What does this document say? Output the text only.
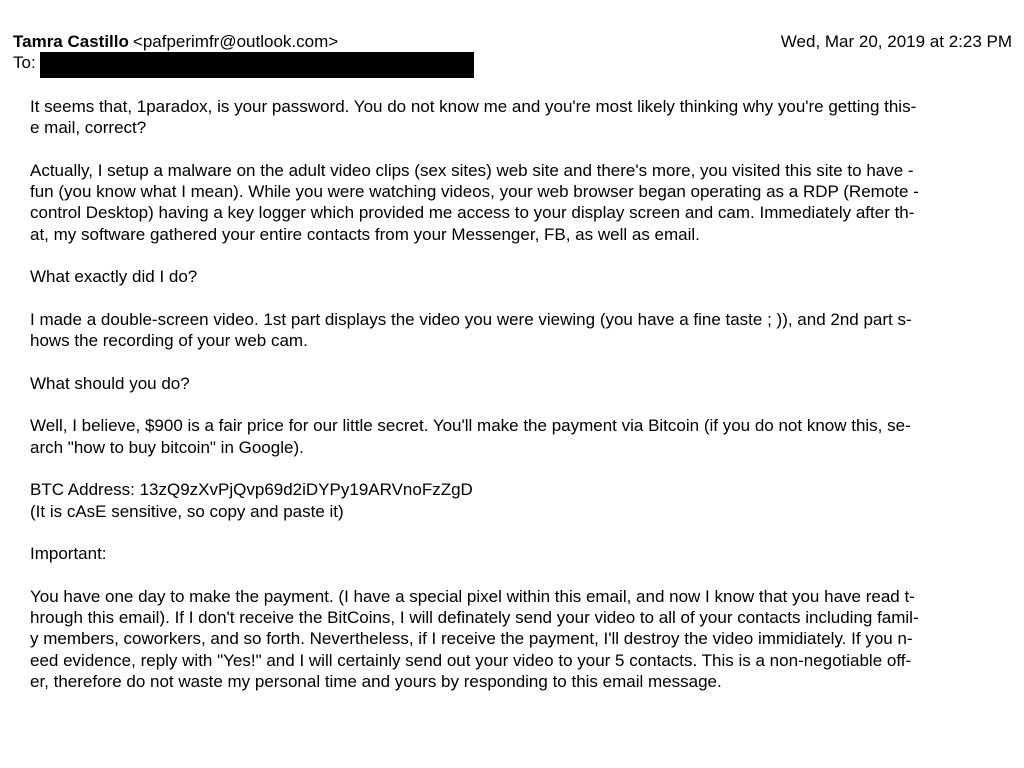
Tamra Castillo <pafperimfr@outlook.com>	Wed, Mar 20, 2019 at 2:23 PM
To:
It seems that, 1paradox, is your password. You do not know me and you're most likely thinking why you're getting this-
e mail, correct?
Actually, I setup a malware on the adult video clips (sex sites) web site and there's more, you visited this site to have -
fun (you know what I mean). While you were watching videos, your web browser began operating as a RDP (Remote -
control Desktop) having a key logger which provided me access to your display screen and cam. Immediately after th-
at, my software gathered your entire contacts from your Messenger, FB, as well as email.
What exactly did I do?
I made a double-screen video. 1st part displays the video you were viewing (you have a fine taste ; )), and 2nd part s-
hows the recording of your web cam.
What should you do?
Well, I believe, $900 is a fair price for our little secret. You'll make the payment via Bitcoin (if you do not know this, se-
arch "how to buy bitcoin" in Google).
BTC Address: 13zQ9zXvPjQvp69d2iDYPy19ARVnoFzZgD
(It is cAsE sensitive, so copy and paste it)
Important:
You have one day to make the payment. (I have a special pixel within this email, and now I know that you have read t-
hrough this email). If I don't receive the BitCoins, I will definately send your video to all of your contacts including famil-
y members, coworkers, and so forth. Nevertheless, if I receive the payment, I'll destroy the video immidiately. If you n-
eed evidence, reply with "Yes!" and I will certainly send out your video to your 5 contacts. This is a non-negotiable off-
er, therefore do not waste my personal time and yours by responding to this email message.
